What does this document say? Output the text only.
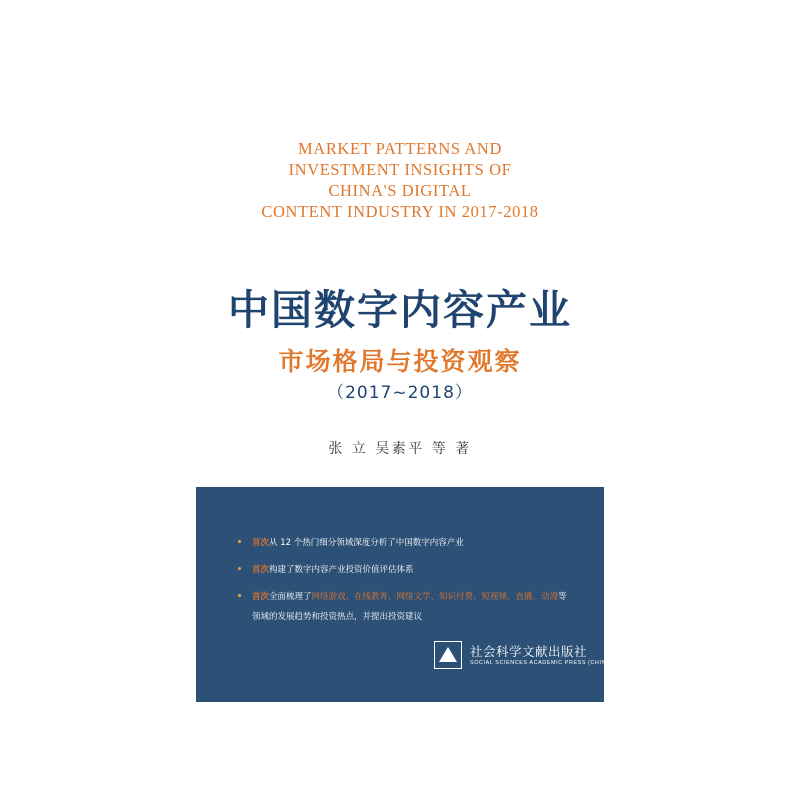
MARKET PATTERNS AND
INVESTMENT INSIGHTS OF
CHINA'S DIGITAL
CONTENT INDUSTRY IN 2017-2018
中国数字内容产业
市场格局与投资观察
（2017~2018）
张 立 吴素平 等 著
首次从 12 个热门细分领域深度分析了中国数字内容产业
首次构建了数字内容产业投资价值评估体系
首次全面梳理了网络游戏、在线教育、网络文学、知识付费、短视频、直播、动漫等领域的发展趋势和投资热点，并提出投资建议
社会科学文献出版社
SOCIAL SCIENCES ACADEMIC PRESS (CHINA)
